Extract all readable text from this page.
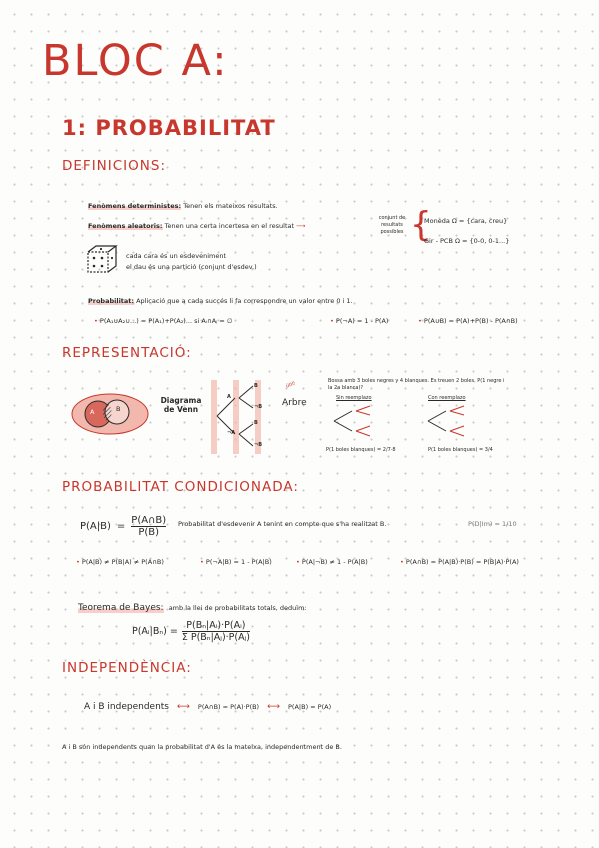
BLOC A:
1: PROBABILITAT
DEFINICIONS:
Fenòmens deterministes: Tenen els mateixos resultats.
Fenòmens aleatoris: Tenen una certa incertesa en el resultat ⟶
conjunt de resultats possibles {
Moneda Ω = {cara, creu}
Gir - PCB Ω = {0-0, 0-1...}
cada cara és un esdeveniment
el dau és una partició (conjunt d'esdev.)
Probabilitat: Aplicació que a cada succés li fa correspondre un valor entre 0 i 1.
• P(A₁∪A₂∪...) = P(A₁)+P(A₂)... si Aᵢ∩Aⱼ = ∅	• P(¬A) = 1 - P(A)	• P(A∪B) = P(A)+P(B) - P(A∩B)
REPRESENTACIÓ:
A	B
Diagrama de Venn
A
¬A
B
¬B
B
¬B
útil!
Arbre
Bossa amb 3 boles negres y 4 blanques. Es treuen 2 boles, P(1 negre i la 2a blanca)?
Sin reemplazo	Con reemplazo
P(1 boles blanques) = 2/7·8	P(1 boles blanques) = 3/4
PROBABILITAT CONDICIONADA:
$P(A|B) = \frac{P(A\cap B)}{P(B)}$ Probabilitat d'esdevenir A tenint en compte que s'ha realitzat B.	P(D|Im) = 1/10
• P(A|B) ≠ P(B|A) ≠ P(A∩B)	• P(¬A|B) = 1 - P(A|B)	• P(A|¬B) ≠ 1 - P(A|B)	• P(A∩B) = P(A|B)·P(B) = P(B|A)·P(A)
Teorema de Bayes: amb la llei de probabilitats totals, deduïm:
P(Aᵢ|Bₙ) = $\frac{\text{P(Bₙ|Aᵢ)·P(Aᵢ)}}{\text{Σ P(Bₙ|Aⱼ)·P(Aⱼ)}}$
INDEPENDÈNCIA:
A i B independents ⟷ P(A∩B) = P(A)·P(B) ⟷ P(A|B) = P(A)
A i B són independents quan la probabilitat d'A és la mateixa, independentment de B.
